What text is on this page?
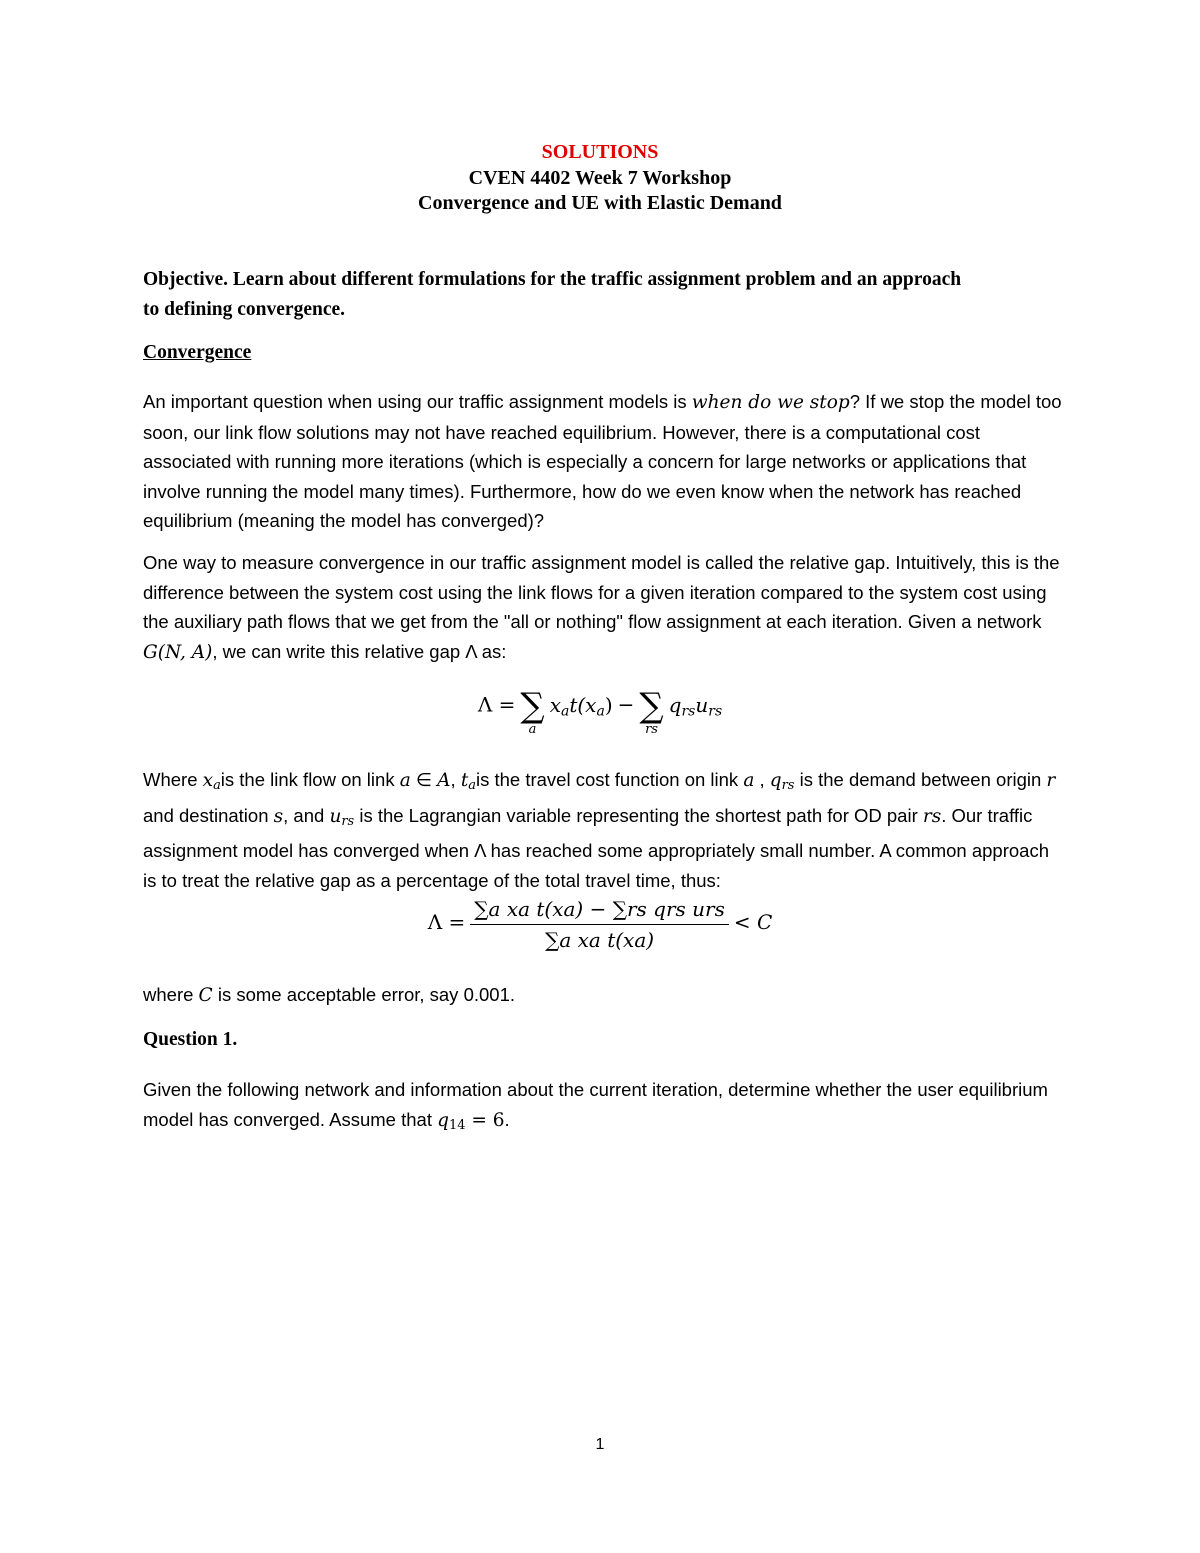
SOLUTIONS
CVEN 4402 Week 7 Workshop
Convergence and UE with Elastic Demand
Objective. Learn about different formulations for the traffic assignment problem and an approach
to defining convergence.
Convergence

An important question when using our traffic assignment models is when do we stop? If we stop the model too soon, our link flow solutions may not have reached equilibrium. However, there is a computational cost associated with running more iterations (which is especially a concern for large networks or applications that involve running the model many times). Furthermore, how do we even know when the network has reached equilibrium (meaning the model has converged)?

One way to measure convergence in our traffic assignment model is called the relative gap. Intuitively, this is the difference between the system cost using the link flows for a given iteration compared to the system cost using the auxiliary path flows that we get from the "all or nothing" flow assignment at each iteration. Given a network G(N, A), we can write this relative gap Λ as:

Λ = ∑
a
$x_at(x_a)$ − ∑
rs
$q_{rs}u_{rs}$

Where $x_ais$ the link flow on link a ∈ A, $t_ais$ the travel cost function on link a , $q_{rs}$ is the demand between origin r and destination s, and $u_{rs}$ is the Lagrangian variable representing the shortest path for OD pair rs. Our traffic assignment model has converged when Λ has reached some appropriately small number. A common approach is to treat the relative gap as a percentage of the total travel time, thus:

$\Lambda = \frac{\text{∑a xa t(xa) − ∑rs qrs urs}}{\text{∑a xa t(xa)}} < C$

where C is some acceptable error, say 0.001.

Question 1.

Given the following network and information about the current iteration, determine whether the user equilibrium model has converged. Assume that $q_{14} = 6$.

1
